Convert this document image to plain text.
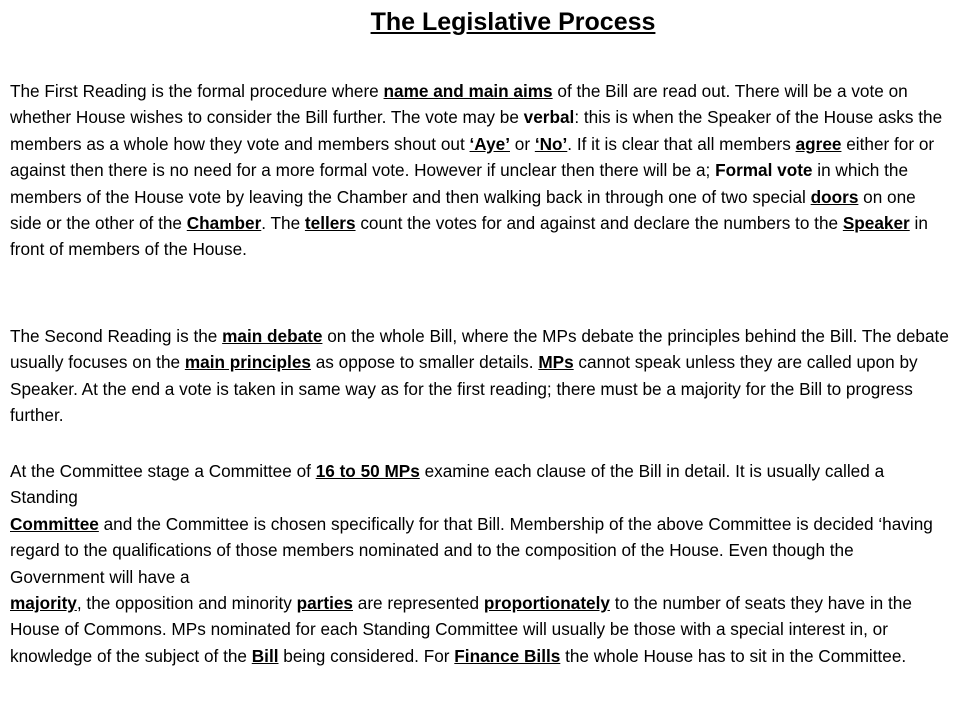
The Legislative Process

The First Reading is the formal procedure where name and main aims of the Bill are read out. There will be a vote on whether House wishes to consider the Bill further. The vote may be verbal: this is when the Speaker of the House asks the members as a whole how they vote and members shout out ‘Aye’ or ‘No’. If it is clear that all members agree either for or against then there is no need for a more formal vote. However if unclear then there will be a; Formal vote in which the members of the House vote by leaving the Chamber and then walking back in through one of two special doors on one side or the other of the Chamber. The tellers count the votes for and against and declare the numbers to the Speaker in front of members of the House.

The Second Reading is the main debate on the whole Bill, where the MPs debate the principles behind the Bill. The debate usually focuses on the main principles as oppose to smaller details. MPs cannot speak unless they are called upon by Speaker. At the end a vote is taken in same way as for the first reading; there must be a majority for the Bill to progress further.

At the Committee stage a Committee of 16 to 50 MPs examine each clause of the Bill in detail. It is usually called a Standing
Committee and the Committee is chosen specifically for that Bill. Membership of the above Committee is decided ‘having regard to the qualifications of those members nominated and to the composition of the House. Even though the Government will have a
majority, the opposition and minority parties are represented proportionately to the number of seats they have in the House of Commons. MPs nominated for each Standing Committee will usually be those with a special interest in, or knowledge of the subject of the Bill being considered. For Finance Bills the whole House has to sit in the Committee.
